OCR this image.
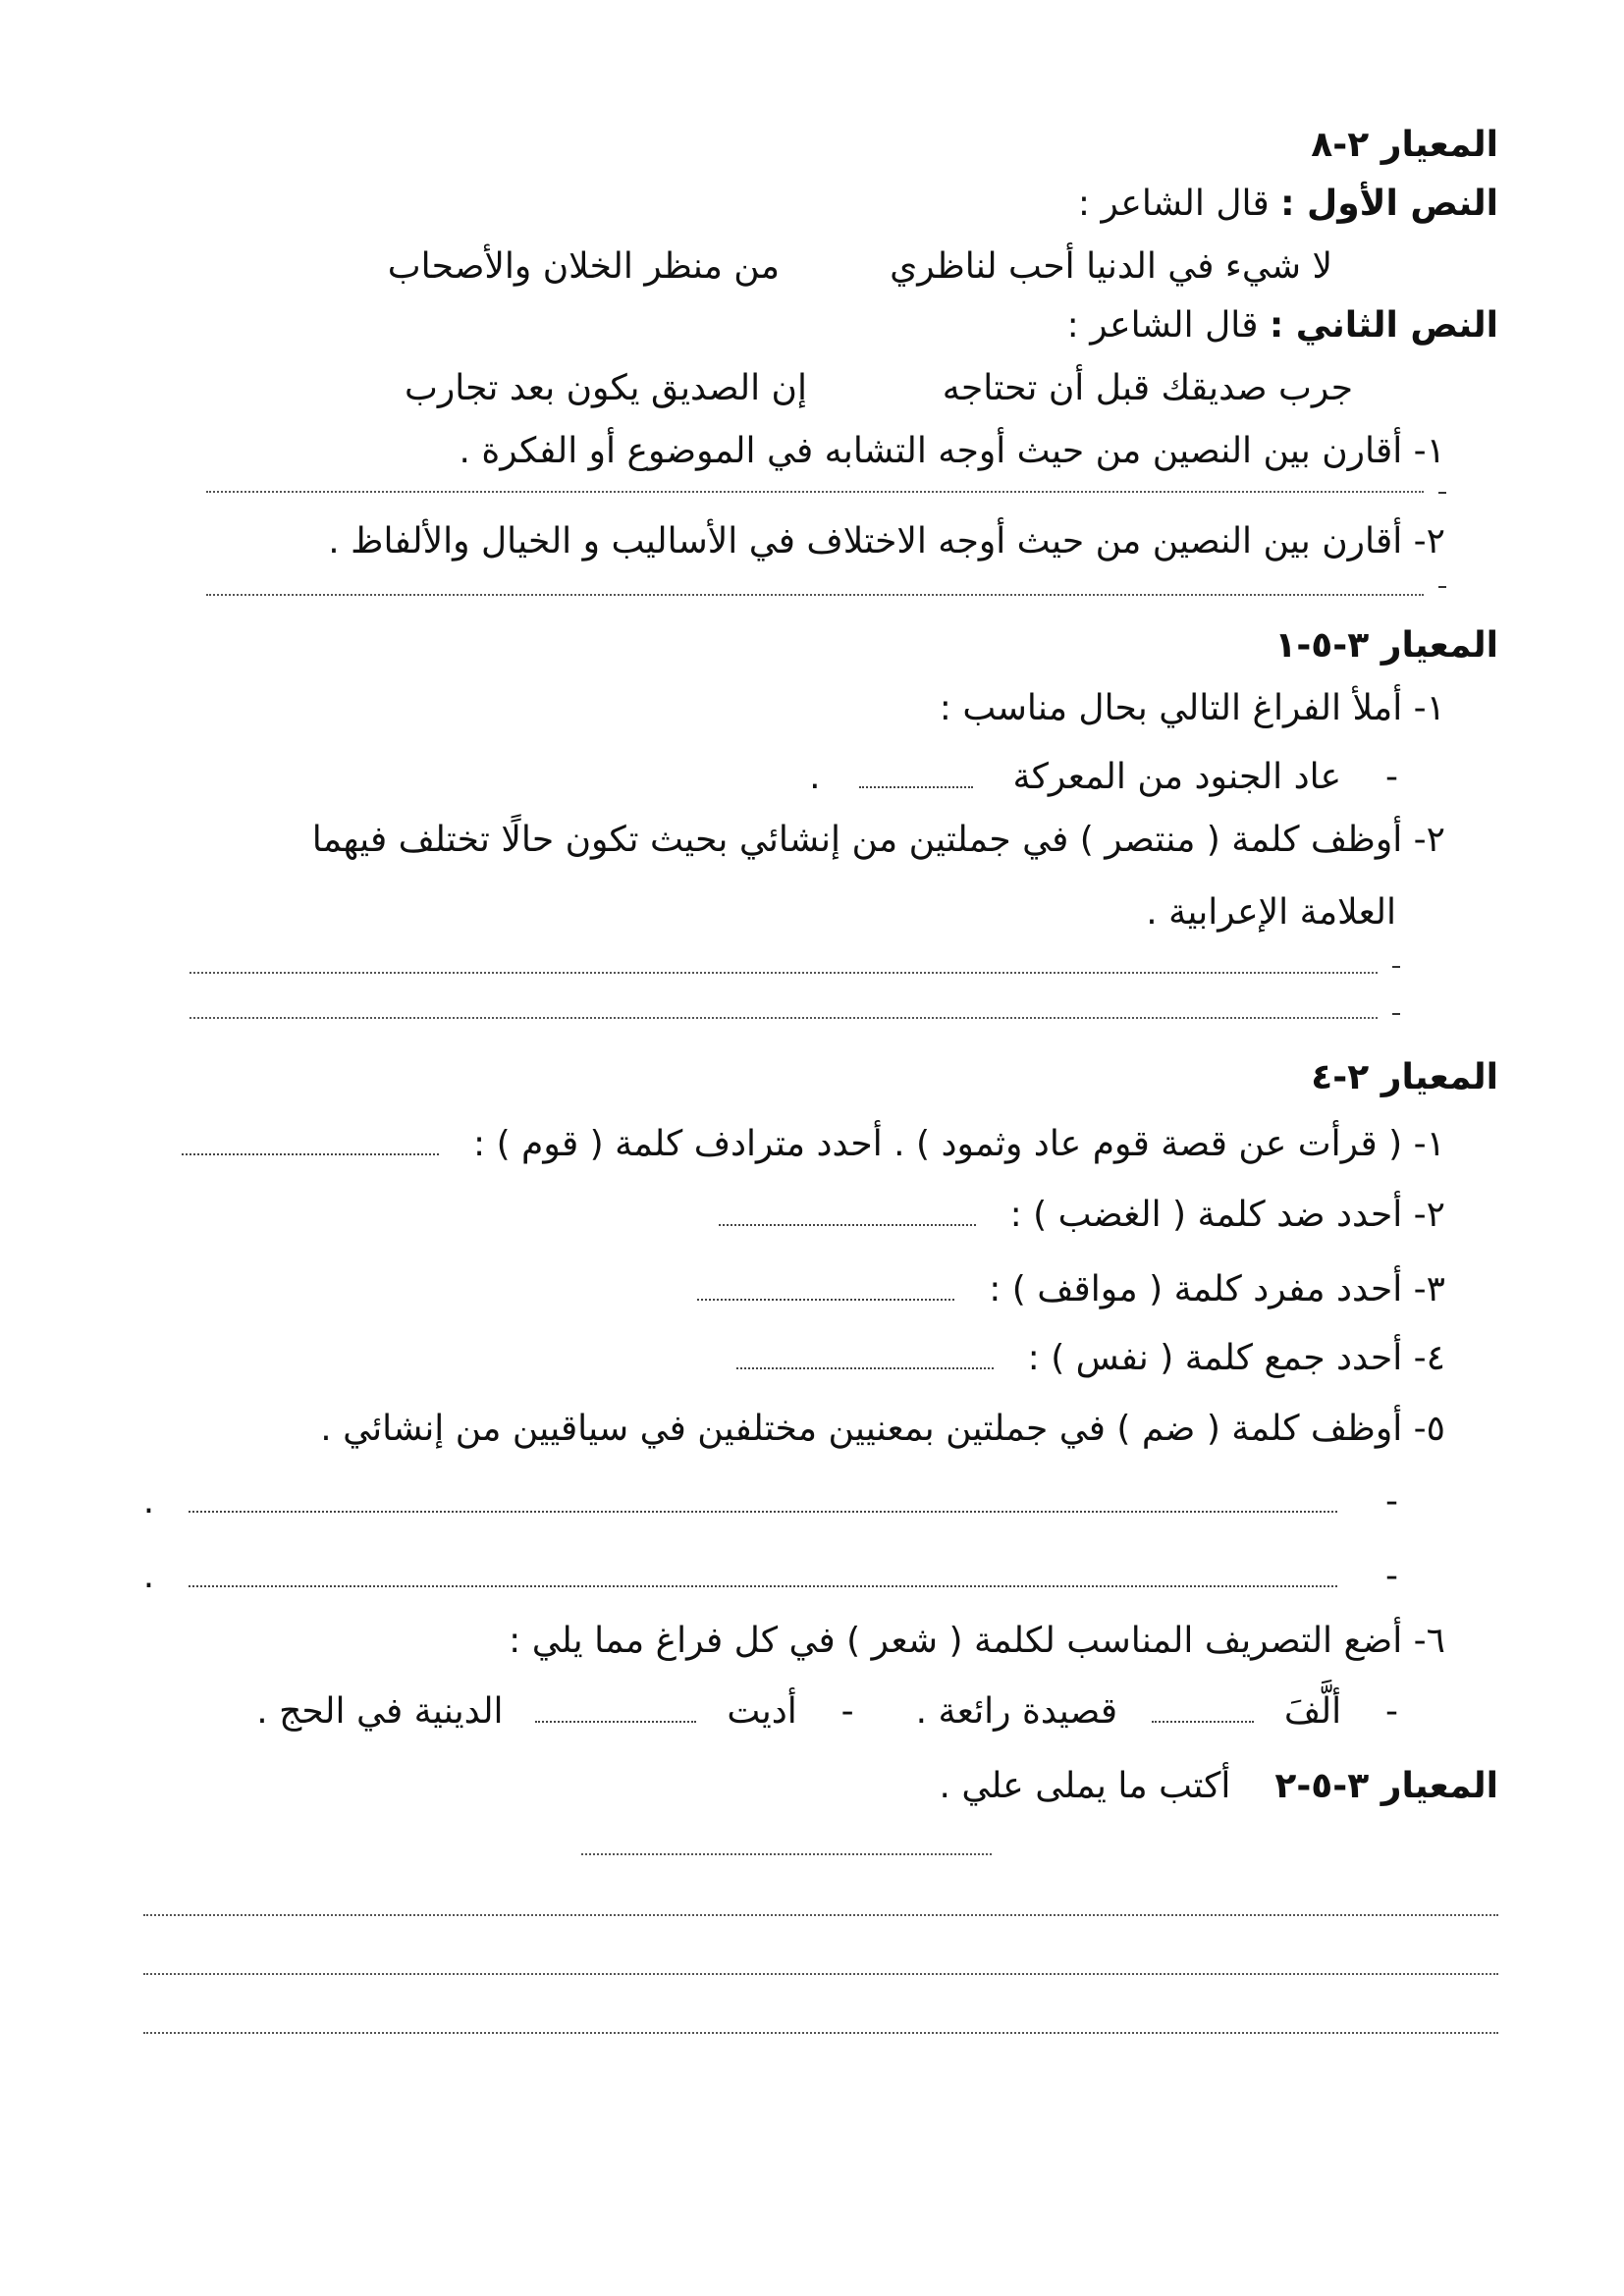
المعيار ٢-٨
النص الأول : قال الشاعر :
لا شيء في الدنيا أحب لناظري
من منظر الخلان والأصحاب
النص الثاني : قال الشاعر :
جرب صديقك قبل أن تحتاجه
إن الصديق يكون بعد تجارب
١- أقارن بين النصين من حيث أوجه التشابه في الموضوع أو الفكرة .
٢- أقارن بين النصين من حيث أوجه الاختلاف في الأساليب و الخيال والألفاظ .
المعيار ٣-٥-١
١- أملأ الفراغ التالي بحال مناسب :
-  عاد الجنود من المعركة    .
٢- أوظف كلمة ( منتصر ) في جملتين من إنشائي بحيث تكون حالًا تختلف فيهما
العلامة الإعرابية .
المعيار ٢-٤
١- ( قرأت عن قصة قوم عاد وثمود ) . أحدد مترادف كلمة ( قوم ) :
٢- أحدد ضد كلمة ( الغضب ) :
٣- أحدد مفرد كلمة ( مواقف ) :
٤- أحدد جمع كلمة ( نفس ) :
٥- أوظف كلمة ( ضم ) في جملتين بمعنيين مختلفين في سياقيين من إنشائي .
-    .
-    .
٦- أضع التصريف المناسب لكلمة ( شعر ) في كل فراغ مما يلي :
-  ألَّفَ    قصيدة رائعة .  -  أديت    الدينية في الحج .
المعيار ٣-٥-٢  أكتب ما يملى علي .
